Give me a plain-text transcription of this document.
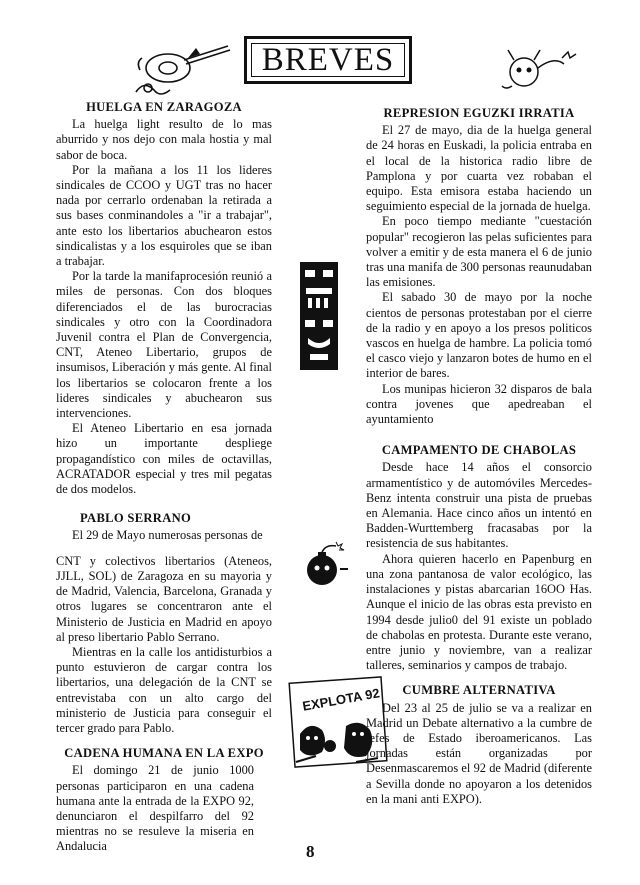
BREVES
EXPLOTA 92
HUELGA EN ZARAGOZA

La huelga light resulto de lo mas aburrido y nos dejo con mala hostia y mal sabor de boca.

Por la mañana a los 11 los lideres sindicales de CCOO y UGT tras no hacer nada por cerrarlo ordenaban la retirada a sus bases conminandoles a "ir a trabajar", ante esto los libertarios abuchearon estos sindicalistas y a los esquiroles que se iban a trabajar.

Por la tarde la manifaprocesión reunió a miles de personas. Con dos bloques diferenciados el de las burocracias sindicales y otro con la Coordinadora Juvenil contra el Plan de Convergencia, CNT, Ateneo Libertario, grupos de insumisos, Liberación y más gente. Al final los libertarios se colocaron frente a los lideres sindicales y abuchearon sus intervenciones.

El Ateneo Libertario en esa jornada hizo un importante despliege propagandístico con miles de octavillas, ACRATADOR especial y tres mil pegatas de dos modelos.

PABLO SERRANO

El 29 de Mayo numerosas personas de

CNT y colectivos libertarios (Ateneos, JJLL, SOL) de Zaragoza en su mayoria y de Madrid, Valencia, Barcelona, Granada y otros lugares se concentraron ante el Ministerio de Justicia en Madrid en apoyo al preso libertario Pablo Serrano.

Mientras en la calle los antidisturbios a punto estuvieron de cargar contra los libertarios, una delegación de la CNT se entrevistaba con un alto cargo del ministerio de Justicia para conseguir el tercer grado para Pablo.

CADENA HUMANA EN LA EXPO

El domingo 21 de junio 1000 personas participaron en una cadena humana ante la entrada de la EXPO 92, denunciaron el despilfarro del 92 mientras no se resuleve la miseria en Andalucia

REPRESION EGUZKI IRRATIA

El 27 de mayo, dia de la huelga general de 24 horas en Euskadi, la policia entraba en el local de la historica radio libre de Pamplona y por cuarta vez robaban el equipo. Esta emisora estaba haciendo un seguimiento especial de la jornada de huelga.

En poco tiempo mediante "cuestación popular" recogieron las pelas suficientes para volver a emitir y de esta manera el 6 de junio tras una manifa de 300 personas reaunudaban las emisiones.

El sabado 30 de mayo por la noche cientos de personas protestaban por el cierre de la radio y en apoyo a los presos politicos vascos en huelga de hambre. La policia tomó el casco viejo y lanzaron botes de humo en el interior de bares.

Los munipas hicieron 32 disparos de bala contra jovenes que apedreaban el ayuntamiento

CAMPAMENTO DE CHABOLAS

Desde hace 14 años el consorcio armamentístico y de automóviles Mercedes-Benz intenta construir una pista de pruebas en Alemania. Hace cinco años un intentó en Badden-Wurttemberg fracasabas por la resistencia de sus habitantes.

Ahora quieren hacerlo en Papenburg en una zona pantanosa de valor ecológico, las instalaciones y pistas abarcarian 16OO Has. Aunque el inicio de las obras esta previsto en 1994 desde julio0 del 91 existe un poblado de chabolas en protesta. Durante este verano, entre junio y noviembre, van a realizar talleres, seminarios y campos de trabajo.

CUMBRE ALTERNATIVA

Del 23 al 25 de julio se va a realizar en Madrid un Debate alternativo a la cumbre de jefes de Estado iberoamericanos. Las jornadas están organizadas por Desenmascaremos el 92 de Madrid (diferente a Sevilla donde no apoyaron a los detenidos en la mani anti EXPO).

8
